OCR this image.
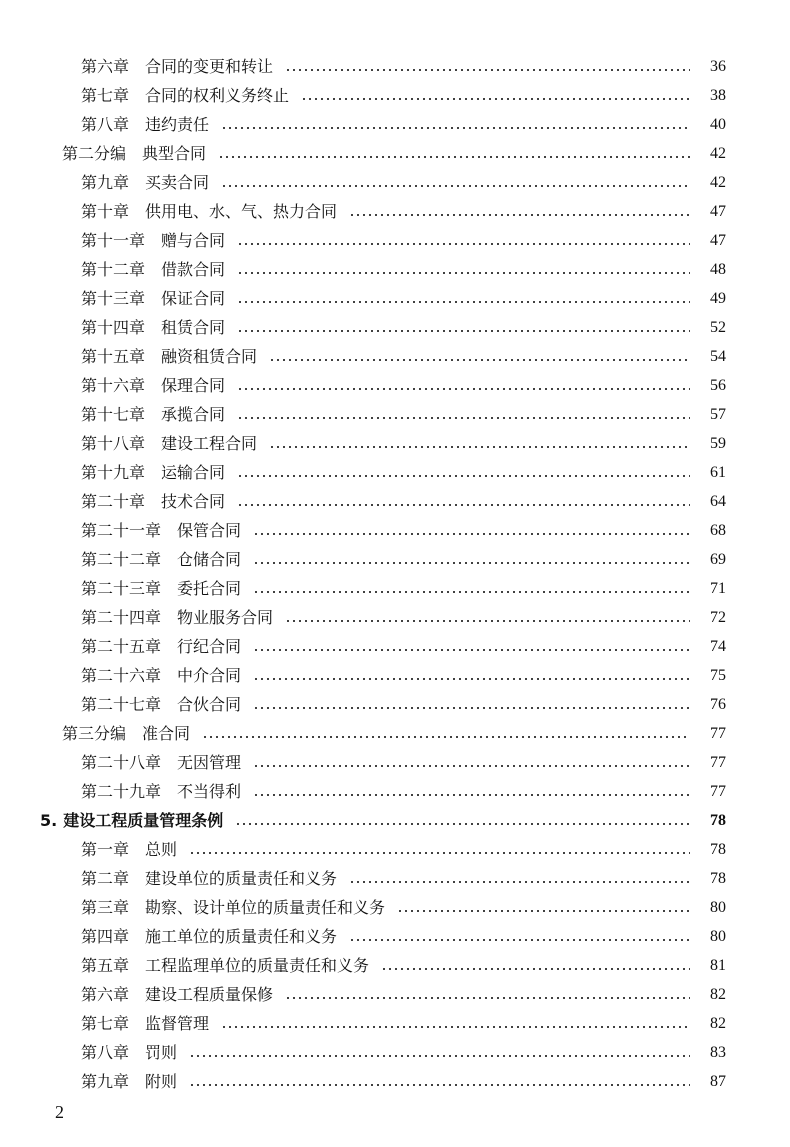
第六章 合同的变更和转让	36
第七章 合同的权利义务终止	38
第八章 违约责任	40
第二分编 典型合同	42
第九章 买卖合同	42
第十章 供用电、水、气、热力合同	47
第十一章 赠与合同	47
第十二章 借款合同	48
第十三章 保证合同	49
第十四章 租赁合同	52
第十五章 融资租赁合同	54
第十六章 保理合同	56
第十七章 承揽合同	57
第十八章 建设工程合同	59
第十九章 运输合同	61
第二十章 技术合同	64
第二十一章 保管合同	68
第二十二章 仓储合同	69
第二十三章 委托合同	71
第二十四章 物业服务合同	72
第二十五章 行纪合同	74
第二十六章 中介合同	75
第二十七章 合伙合同	76
第三分编 准合同	77
第二十八章 无因管理	77
第二十九章 不当得利	77
5. 建设工程质量管理条例	78
第一章 总则	78
第二章 建设单位的质量责任和义务	78
第三章 勘察、设计单位的质量责任和义务	80
第四章 施工单位的质量责任和义务	80
第五章 工程监理单位的质量责任和义务	81
第六章 建设工程质量保修	82
第七章 监督管理	82
第八章 罚则	83
第九章 附则	87
2
